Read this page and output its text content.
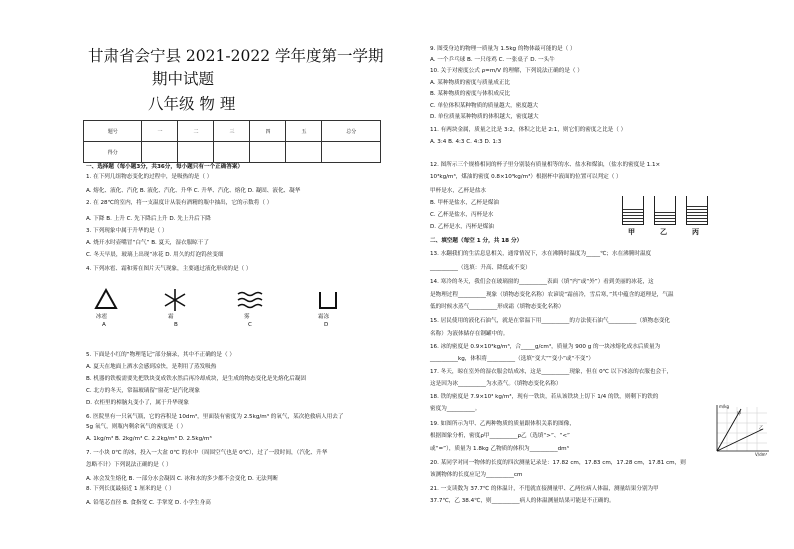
甘肃省会宁县 2021-2022 学年度第一学期
期中试题
八年级 物 理
题号	一	二	三	四	五	总分
得分						
一、选择题（每小题3分，共36分，每小题只有一个正确答案）
1. 在下列几组物态变化的过程中，是吸热的是（ ）
A. 熔化、液化、汽化 B. 液化、汽化、升华 C. 升华、汽化、熔化 D. 凝固、液化、凝华
2. 在 28℃的室内，将一支温度计从装有酒精的瓶中抽出，它的示数将（ ）
A. 下降 B. 上升 C. 先下降后上升 D. 先上升后下降
3. 下列现象中属于升华的是（ ）
A. 烧开水时壶嘴冒“白气” B. 夏天，湿衣服晾干了
C. 冬天早晨，玻璃上出现“冰花 D. 用久的灯泡钨丝变细
4. 下列冰雹、霜和雾在图片天气现象，主要通过液化形成的是（ ）
5. 下面是小红的“物理笔记”部分摘录，其中不正确的是（ ）
A. 夏天在地面上洒水会感到凉快，是利用了蒸发吸热
B. 机器的铁板需要先把铁块变成铁水然后再冷却成块，是生成的物态变化是先熔化后凝固
C. 北方的冬天，常温玻璃留“窗花”是汽化现象
D. 衣柜里的樟脑丸变小了，属于升华现象
6. 医院里有一只氧气瓶，它的容积是 10dm³，里面装有密度为 2.5kg/m³ 的氧气，某次抢救病人用去了
5g 氧气，则瓶内剩余氧气的密度是（ ）
A. 1kg/m³ B. 2kg/m³ C. 2.2kg/m³ D. 2.5kg/m³
7. 一小块 0℃ 的冰，投入一大盆 0℃ 的水中（周围空气也是 0℃），过了一段时间，（汽化、升华
忽略不计）下列说法正确的是（ ）
A. 冰会发生熔化 B. 一部分水会凝固 C. 冰和水的多少都不会变化 D. 无法判断
8. 下列长度最接近 1 厘米的是（ ）
A. 铅笔芯直径 B. 食指宽 C. 手掌宽 D. 小学生身高
冰雹	霜	雾	霜冻
A	B	C	D
9. 图受身边的物理一质量为 1.5kg 的物体最可能的是（ ）
A. 一个乒乓球 B. 一只母鸡 C. 一张桌子 D. 一头牛
10. 关于对密度公式 ρ=m/V 的理解，下列说法正确的是（ ）
A. 某种物质的密度与质量成正比
B. 某种物质的密度与体积成反比
C. 单位体积某种物质的质量越大，密度越大
D. 单位质量某种物质的体积越大，密度越大
11. 有两块金属，质量之比是 3:2，体积之比是 2:1，则它们的密度之比是（ ）
A. 3:4 B. 4:3 C. 4:3 D. 1:3
12. 图所示三个规格相同的杯子里分别装有质量相等的水、盐水和煤油，（盐水的密度是 1.1×
10³kg/m³，煤油的密度 0.8×10³kg/m³）根据杯中液面的位置可以判定（ ）
甲杯是水，乙杯是盐水
B. 甲杯是盐水，乙杯是煤油
C. 乙杯是盐水，丙杯是水
D. 乙杯是水，丙杯是煤油
二、填空题（每空 1 分，共 18 分）
13. 水翻我们的生活息息相关，通常情况下，水在沸腾时温度为_____℃；水在沸腾时温度
__________（选填：升高、降低或不变）
14. 寒冷的冬天，我们会在玻璃窗的__________表面（填“内”或“外”）看到美丽的冰花，这
是物理过程__________现象（填物态变化名称）农谚说“霜前冷，雪后寒，”其中蕴含的道理是，气温
低的时候水蒸气__________形成霜（填物态变化名称）
15. 居民使用的液化石油气，就是在常温下用__________的方法使石油气__________（填物态变化
名称）为液体储存在钢罐中的。
16. 冰的密度是 0.9×10³kg/m³，合_____g/cm³，质量为 900 g 的一块冰熔化成水后质量为
__________kg，体积将__________（选填“变大”“变小”或“不变”）
17. 冬天，晾在室外的湿衣服会结成冰，这是__________现象，但在 0℃ 以下冰冻的衣服也会干，
这是因为冰__________为水蒸气。（填物态变化名称）
18. 铁的密度是 7.9×10³ kg/m³，现有一铁块，若从该铁块上切下 1/4 的铁，则剩下的铁的
密度为__________。
19. 如图所示为甲、乙两种物质的质量跟体积关系的图像，
根据图象分析，密度ρ甲__________ρ乙（选填“>”、“<”
或“=”），质量为 1.8kg 乙物质的体积为__________dm³
20. 某同学对同一物体的长度的四次测量记录是：17.82 cm，17.83 cm，17.28 cm，17.81 cm，则
该测物体的长度应记为__________cm
21. 一支读数为 37.7℃ 的体温计，不甩就直接测量甲、乙两位病人体温，测量结果分别为甲
37.7℃，乙 38.4℃，则__________病人的体温测量结果可能是不正确的。
甲	乙	丙
m/kg
V/dm³
甲
乙
